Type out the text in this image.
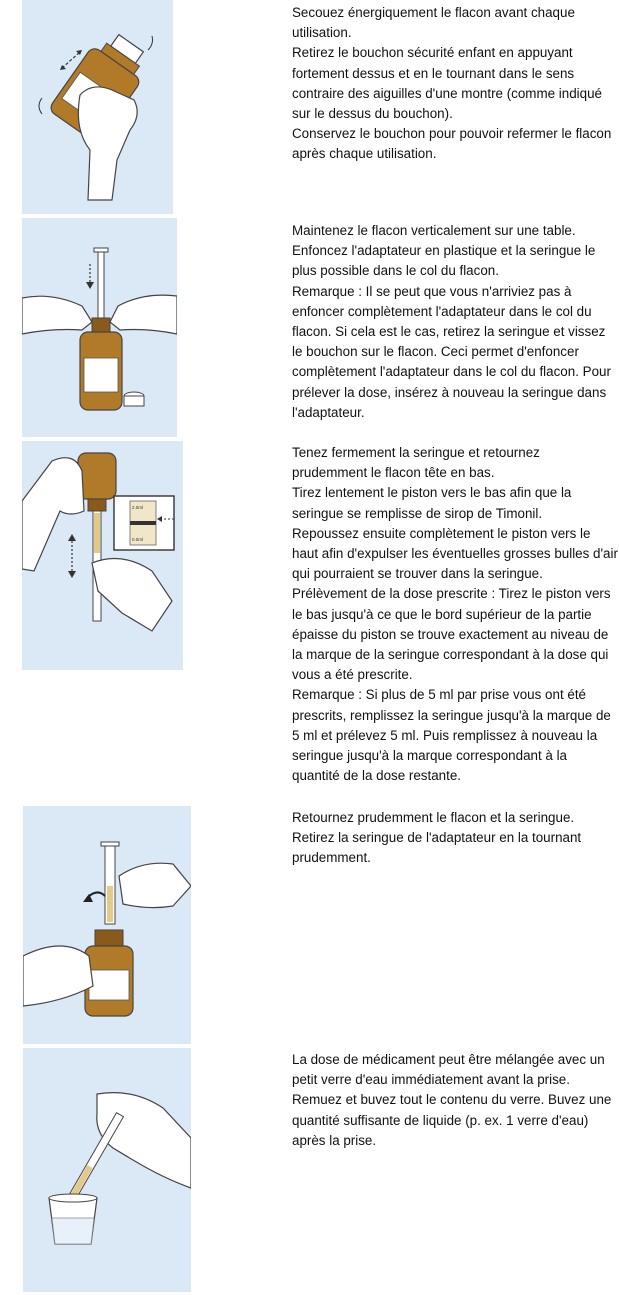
Secouez énergiquement le flacon avant chaque utilisation.

Retirez le bouchon sécurité enfant en appuyant fortement dessus et en le tournant dans le sens contraire des aiguilles d'une montre (comme indiqué sur le dessus du bouchon).

Conservez le bouchon pour pouvoir refermer le flacon après chaque utilisation.

Maintenez le flacon verticalement sur une table.

Enfoncez l'adaptateur en plastique et la seringue le plus possible dans le col du flacon.

Remarque : Il se peut que vous n'arriviez pas à enfoncer complètement l'adaptateur dans le col du flacon. Si cela est le cas, retirez la seringue et vissez le bouchon sur le flacon. Ceci permet d'enfoncer complètement l'adaptateur dans le col du flacon. Pour prélever la dose, insérez à nouveau la seringue dans l'adaptateur.

2.0ml
0.0ml

Tenez fermement la seringue et retournez prudemment le flacon tête en bas.

Tirez lentement le piston vers le bas afin que la seringue se remplisse de sirop de Timonil.

Repoussez ensuite complètement le piston vers le haut afin d'expulser les éventuelles grosses bulles d'air qui pourraient se trouver dans la seringue.

Prélèvement de la dose prescrite : Tirez le piston vers le bas jusqu'à ce que le bord supérieur de la partie épaisse du piston se trouve exactement au niveau de la marque de la seringue correspondant à la dose qui vous a été prescrite.

Remarque : Si plus de 5 ml par prise vous ont été prescrits, remplissez la seringue jusqu'à la marque de 5 ml et prélevez 5 ml. Puis remplissez à nouveau la seringue jusqu'à la marque correspondant à la quantité de la dose restante.

Retournez prudemment le flacon et la seringue. Retirez la seringue de l'adaptateur en la tournant prudemment.

La dose de médicament peut être mélangée avec un petit verre d'eau immédiatement avant la prise. Remuez et buvez tout le contenu du verre. Buvez une quantité suffisante de liquide (p. ex. 1 verre d'eau) après la prise.
